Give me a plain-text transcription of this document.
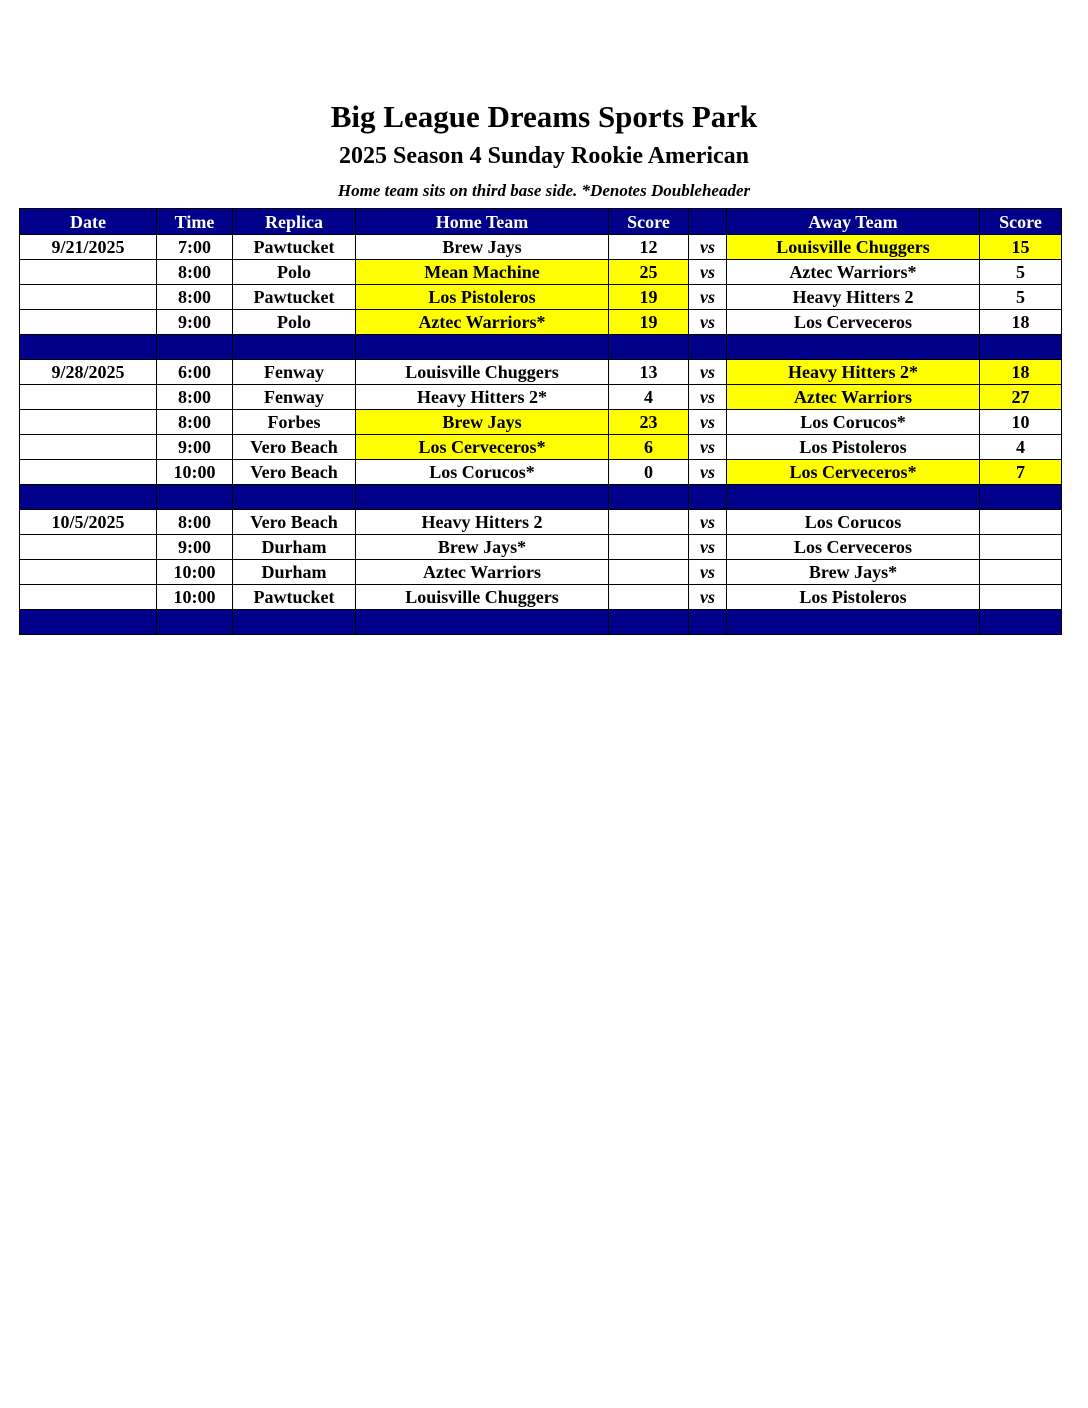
Big League Dreams Sports Park
2025 Season 4 Sunday Rookie American
Home team sits on third base side. *Denotes Doubleheader
Date	Time	Replica	Home Team	Score		Away Team	Score
9/21/2025	7:00	Pawtucket	Brew Jays	12	vs	Louisville Chuggers	15
	8:00	Polo	Mean Machine	25	vs	Aztec Warriors*	5
	8:00	Pawtucket	Los Pistoleros	19	vs	Heavy Hitters 2	5
	9:00	Polo	Aztec Warriors*	19	vs	Los Cerveceros	18

9/28/2025	6:00	Fenway	Louisville Chuggers	13	vs	Heavy Hitters 2*	18
	8:00	Fenway	Heavy Hitters 2*	4	vs	Aztec Warriors	27
	8:00	Forbes	Brew Jays	23	vs	Los Corucos*	10
	9:00	Vero Beach	Los Cerveceros*	6	vs	Los Pistoleros	4
	10:00	Vero Beach	Los Corucos*	0	vs	Los Cerveceros*	7

10/5/2025	8:00	Vero Beach	Heavy Hitters 2		vs	Los Corucos	
	9:00	Durham	Brew Jays*		vs	Los Cerveceros	
	10:00	Durham	Aztec Warriors		vs	Brew Jays*	
	10:00	Pawtucket	Louisville Chuggers		vs	Los Pistoleros	
